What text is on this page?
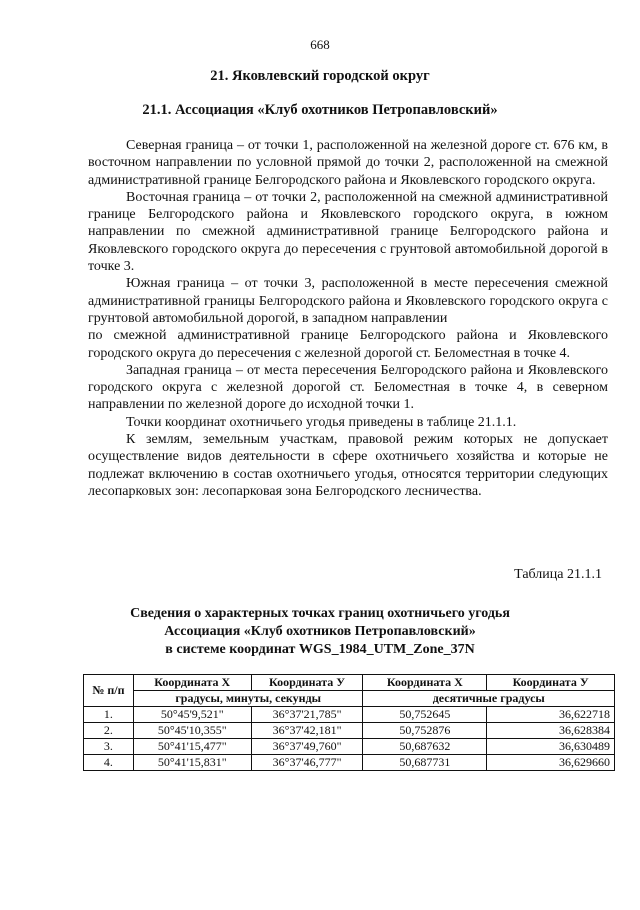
668
21. Яковлевский городской округ
21.1. Ассоциация «Клуб охотников Петропавловский»

Северная граница – от точки 1, расположенной на железной дороге ст. 676 км, в восточном направлении по условной прямой до точки 2, расположенной на смежной административной границе Белгородского района и Яковлевского городского округа.

Восточная граница – от точки 2, расположенной на смежной административной границе Белгородского района и Яковлевского городского округа, в южном направлении по смежной административной границе Белгородского района и Яковлевского городского округа до пересечения с грунтовой автомобильной дорогой в точке 3.

Южная граница – от точки 3, расположенной в месте пересечения смежной административной границы Белгородского района и Яковлевского городского округа с грунтовой автомобильной дорогой, в западном направлении

по смежной административной границе Белгородского района и Яковлевского городского округа до пересечения с железной дорогой ст. Беломестная в точке 4.

Западная граница – от места пересечения Белгородского района и Яковлевского городского округа с железной дорогой ст. Беломестная в точке 4, в северном направлении по железной дороге до исходной точки 1.

Точки координат охотничьего угодья приведены в таблице 21.1.1.

К землям, земельным участкам, правовой режим которых не допускает осуществление видов деятельности в сфере охотничьего хозяйства и которые не подлежат включению в состав охотничьего угодья, относятся территории следующих лесопарковых зон: лесопарковая зона Белгородского лесничества.

Таблица 21.1.1
Сведения о характерных точках границ охотничьего угодья
Ассоциация «Клуб охотников Петропавловский»
в системе координат WGS_1984_UTM_Zone_37N
№ п/п	Координата X	Координата У	Координата X	Координата У
	градусы, минуты, секунды		десятичные градусы	
1.	50°45'9,521"	36°37'21,785"	50,752645	36,622718
2.	50°45'10,355"	36°37'42,181"	50,752876	36,628384
3.	50°41'15,477"	36°37'49,760"	50,687632	36,630489
4.	50°41'15,831"	36°37'46,777"	50,687731	36,629660
